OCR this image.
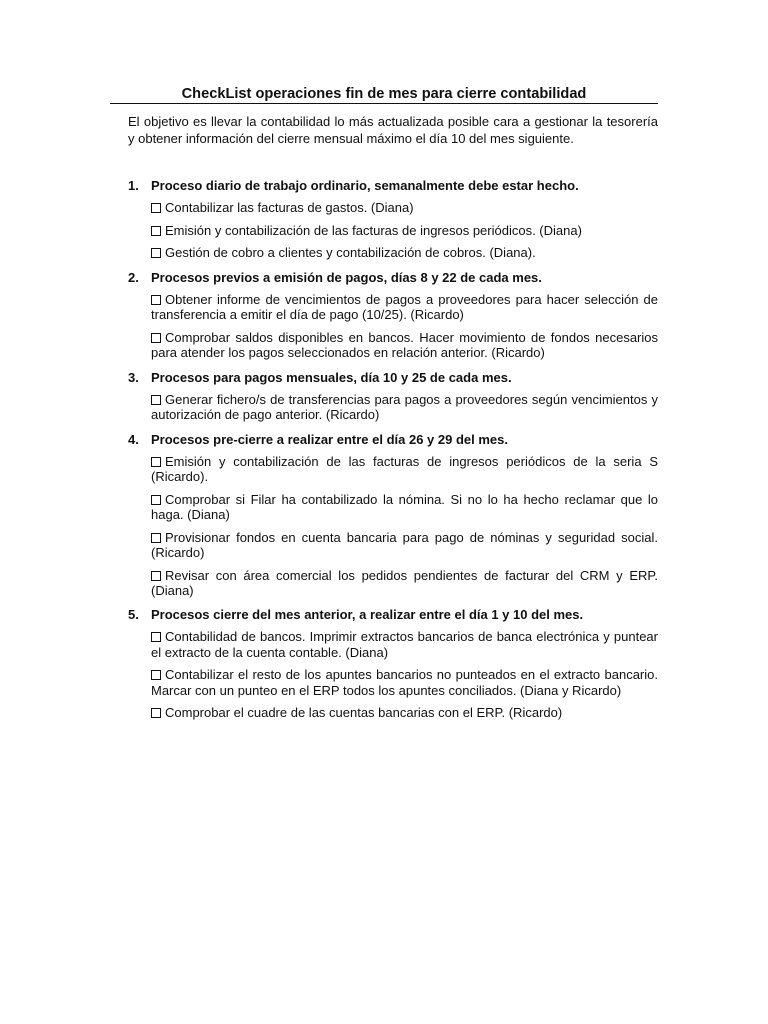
CheckList operaciones fin de mes para cierre contabilidad

El objetivo es llevar la contabilidad lo más actualizada posible cara a gestionar la tesorería y obtener información del cierre mensual máximo el día 10 del mes siguiente.

1. Proceso diario de trabajo ordinario, semanalmente debe estar hecho.
Contabilizar las facturas de gastos. (Diana)
Emisión y contabilización de las facturas de ingresos periódicos. (Diana)
Gestión de cobro a clientes y contabilización de cobros. (Diana).
2. Procesos previos a emisión de pagos, días 8 y 22 de cada mes.
Obtener informe de vencimientos de pagos a proveedores para hacer selección de transferencia a emitir el día de pago (10/25). (Ricardo)
Comprobar saldos disponibles en bancos. Hacer movimiento de fondos necesarios para atender los pagos seleccionados en relación anterior. (Ricardo)
3. Procesos para pagos mensuales, día 10 y 25 de cada mes.
Generar fichero/s de transferencias para pagos a proveedores según vencimientos y autorización de pago anterior. (Ricardo)
4. Procesos pre-cierre a realizar entre el día 26 y 29 del mes.
Emisión y contabilización de las facturas de ingresos periódicos de la seria S (Ricardo).
Comprobar si Filar ha contabilizado la nómina. Si no lo ha hecho reclamar que lo haga. (Diana)
Provisionar fondos en cuenta bancaria para pago de nóminas y seguridad social. (Ricardo)
Revisar con área comercial los pedidos pendientes de facturar del CRM y ERP. (Diana)
5. Procesos cierre del mes anterior, a realizar entre el día 1 y 10 del mes.
Contabilidad de bancos. Imprimir extractos bancarios de banca electrónica y puntear el extracto de la cuenta contable. (Diana)
Contabilizar el resto de los apuntes bancarios no punteados en el extracto bancario. Marcar con un punteo en el ERP todos los apuntes conciliados. (Diana y Ricardo)
Comprobar el cuadre de las cuentas bancarias con el ERP. (Ricardo)
